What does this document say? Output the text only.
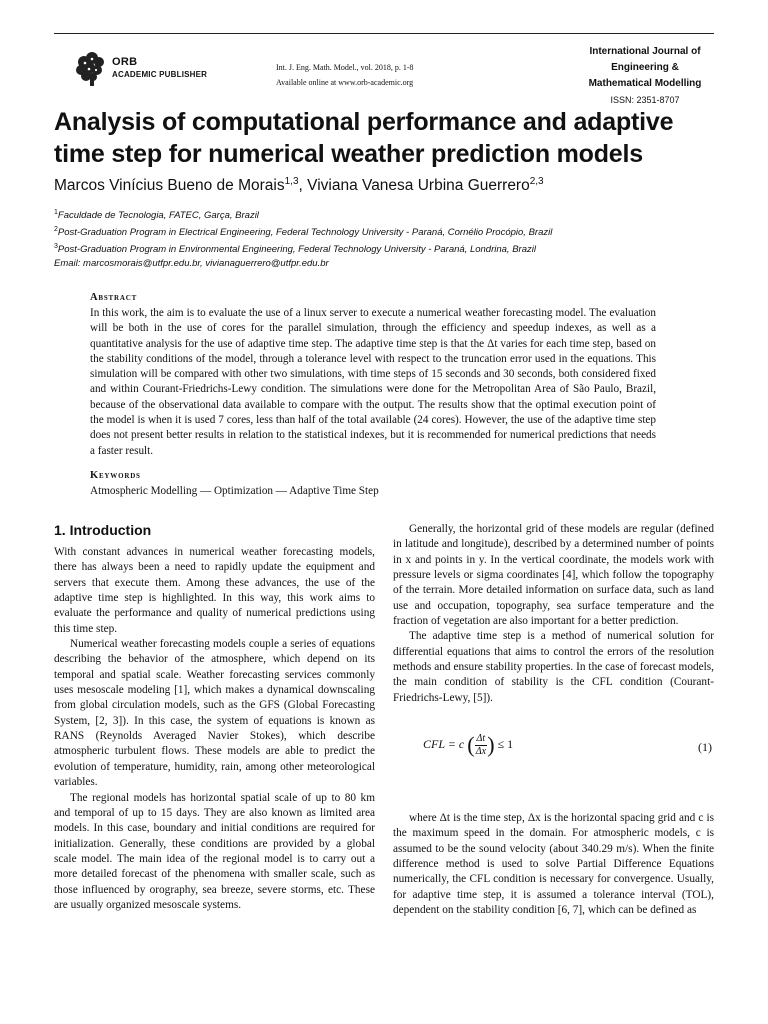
ORB
ACADEMIC PUBLISHER
Int. J. Eng. Math. Model., vol. 2018, p. 1-8
Available online at www.orb-academic.org
International Journal of
Engineering &
Mathematical Modelling
ISSN: 2351-8707
Analysis of computational performance and adaptive
time step for numerical weather prediction models
Marcos Vinícius Bueno de Morais$^{1,3}$, Viviana Vanesa Urbina Guerrero$^{2,3}$
$^1$Faculdade de Tecnologia, FATEC, Garça, Brazil
$^2$Post-Graduation Program in Electrical Engineering, Federal Technology University - Paraná, Cornélio Procópio, Brazil
$^3$Post-Graduation Program in Environmental Engineering, Federal Technology University - Paraná, Londrina, Brazil
Email: marcosmorais@utfpr.edu.br, vivianaguerrero@utfpr.edu.br
Abstract
In this work, the aim is to evaluate the use of a linux server to execute a numerical weather forecasting model. The evaluation will be both in the use of cores for the parallel simulation, through the efficiency and speedup indexes, as well as a quantitative analysis for the use of adaptive time step. The adaptive time step is that the Δt varies for each time step, based on the stability conditions of the model, through a tolerance level with respect to the truncation error used in the equations. This simulation will be compared with other two simulations, with time steps of 15 seconds and 30 seconds, both considered fixed and within Courant-Friedrichs-Lewy condition. The simulations were done for the Metropolitan Area of São Paulo, Brazil, because of the observational data available to compare with the output. The results show that the optimal execution point of the model is when it is used 7 cores, less than half of the total available (24 cores). However, the use of the adaptive time step does not present better results in relation to the statistical indexes, but it is recommended for numerical predictions that needs a faster result.
Keywords
Atmospheric Modelling — Optimization — Adaptive Time Step
1. Introduction

With constant advances in numerical weather forecasting models, there has always been a need to rapidly update the equipment and servers that execute them. Among these advances, the use of the adaptive time step is highlighted. In this way, this work aims to evaluate the performance and quality of numerical predictions using this time step.

Numerical weather forecasting models couple a series of equations describing the behavior of the atmosphere, which depend on its temporal and spatial scale. Weather forecasting services commonly uses mesoscale modeling [1], which makes a dynamical downscaling from global circulation models, such as the GFS (Global Forecasting System, [2, 3]). In this case, the system of equations is known as RANS (Reynolds Averaged Navier Stokes), which describe atmospheric turbulent flows. These models are able to predict the evolution of temperature, humidity, rain, among other meteorological variables.

The regional models has horizontal spatial scale of up to 80 km and temporal of up to 15 days. They are also known as limited area models. In this case, boundary and initial conditions are required for initialization. Generally, these conditions are provided by a global scale model. The main idea of the regional model is to carry out a more detailed forecast of the phenomena with smaller scale, such as those influenced by orography, sea breeze, severe storms, etc. These are usually organized mesoscale systems.

Generally, the horizontal grid of these models are regular (defined in latitude and longitude), described by a determined number of points in x and points in y. In the vertical coordinate, the models work with pressure levels or sigma coordinates [4], which follow the topography of the terrain. More detailed information on surface data, such as land use and occupation, topography, sea surface temperature and the fraction of vegetation are also important for a better prediction.

The adaptive time step is a method of numerical solution for differential equations that aims to control the errors of the resolution methods and ensure stability properties. In the case of forecast models, the main condition of stability is the CFL condition (Courant-Friedrichs-Lewy, [5]).

CFL = c ( $\frac{\Delta t}{\Delta x}$ ) ≤ 1	(1)

where Δt is the time step, Δx is the horizontal spacing grid and c is the maximum speed in the domain. For atmospheric models, c is assumed to be the sound velocity (about 340.29 m/s). When the finite difference method is used to solve Partial Difference Equations numerically, the CFL condition is necessary for convergence. Usually, for adaptive time step, it is assumed a tolerance interval (TOL), dependent on the stability condition [6, 7], which can be defined as
